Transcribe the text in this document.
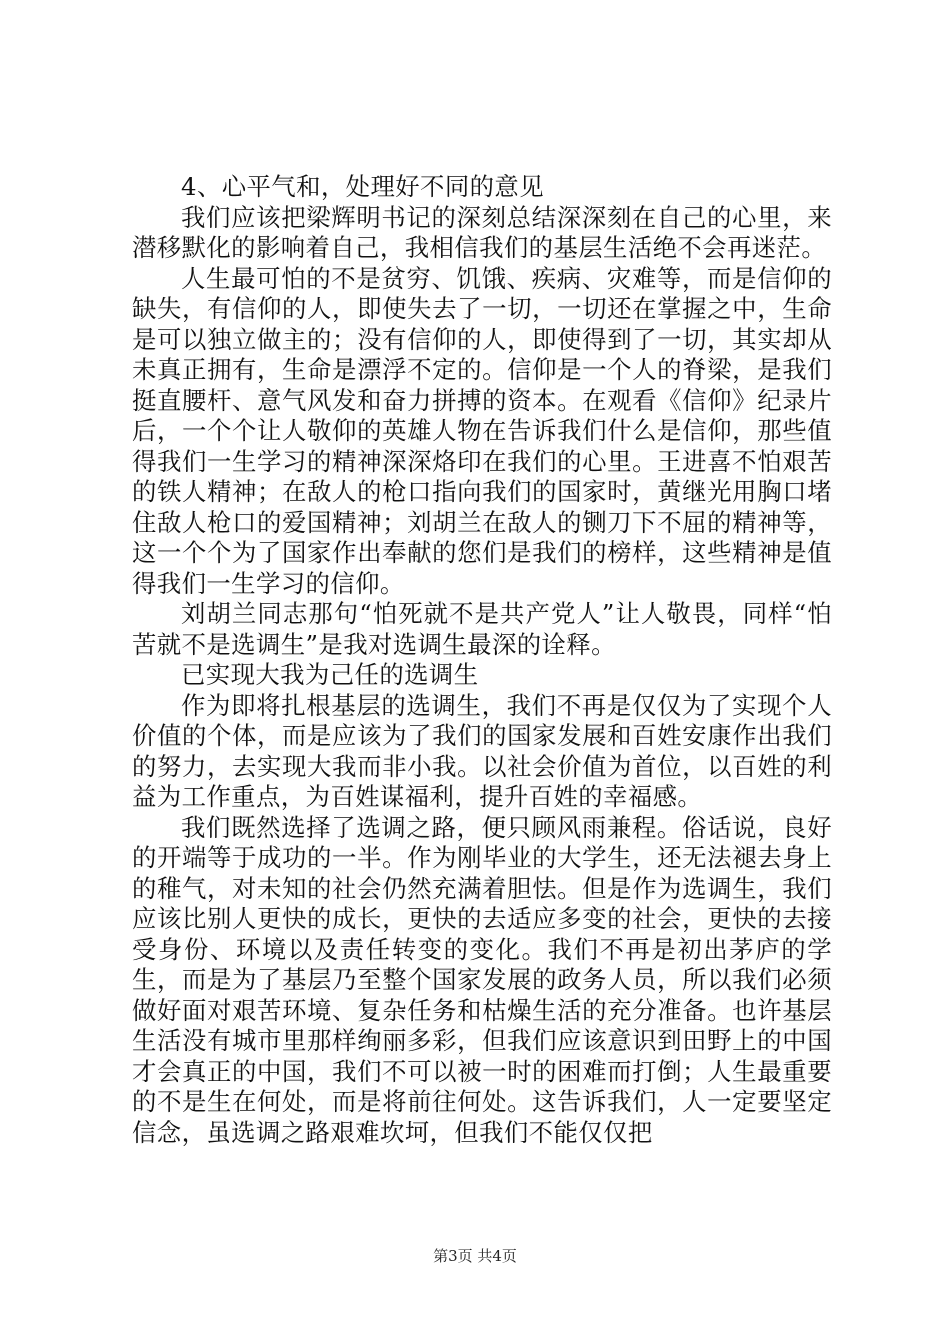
4、心平气和，处理好不同的意见

我们应该把梁辉明书记的深刻总结深深刻在自己的心里，来潜移默化的影响着自己，我相信我们的基层生活绝不会再迷茫。

人生最可怕的不是贫穷、饥饿、疾病、灾难等，而是信仰的缺失，有信仰的人，即使失去了一切，一切还在掌握之中，生命是可以独立做主的；没有信仰的人，即使得到了一切，其实却从未真正拥有，生命是漂浮不定的。信仰是一个人的脊梁，是我们挺直腰杆、意气风发和奋力拼搏的资本。在观看《信仰》纪录片后，一个个让人敬仰的英雄人物在告诉我们什么是信仰，那些值得我们一生学习的精神深深烙印在我们的心里。王进喜不怕艰苦的铁人精神；在敌人的枪口指向我们的国家时，黄继光用胸口堵住敌人枪口的爱国精神；刘胡兰在敌人的铡刀下不屈的精神等，这一个个为了国家作出奉献的您们是我们的榜样，这些精神是值得我们一生学习的信仰。

刘胡兰同志那句“怕死就不是共产党人”让人敬畏，同样“怕苦就不是选调生”是我对选调生最深的诠释。

已实现大我为己任的选调生

作为即将扎根基层的选调生，我们不再是仅仅为了实现个人价值的个体，而是应该为了我们的国家发展和百姓安康作出我们的努力，去实现大我而非小我。以社会价值为首位，以百姓的利益为工作重点，为百姓谋福利，提升百姓的幸福感。

我们既然选择了选调之路，便只顾风雨兼程。俗话说，良好的开端等于成功的一半。作为刚毕业的大学生，还无法褪去身上的稚气，对未知的社会仍然充满着胆怯。但是作为选调生，我们应该比别人更快的成长，更快的去适应多变的社会，更快的去接受身份、环境以及责任转变的变化。我们不再是初出茅庐的学生，而是为了基层乃至整个国家发展的政务人员，所以我们必须做好面对艰苦环境、复杂任务和枯燥生活的充分准备。也许基层生活没有城市里那样绚丽多彩，但我们应该意识到田野上的中国才会真正的中国，我们不可以被一时的困难而打倒；人生最重要的不是生在何处，而是将前往何处。这告诉我们，人一定要坚定信念，虽选调之路艰难坎坷，但我们不能仅仅把

第3页 共4页
